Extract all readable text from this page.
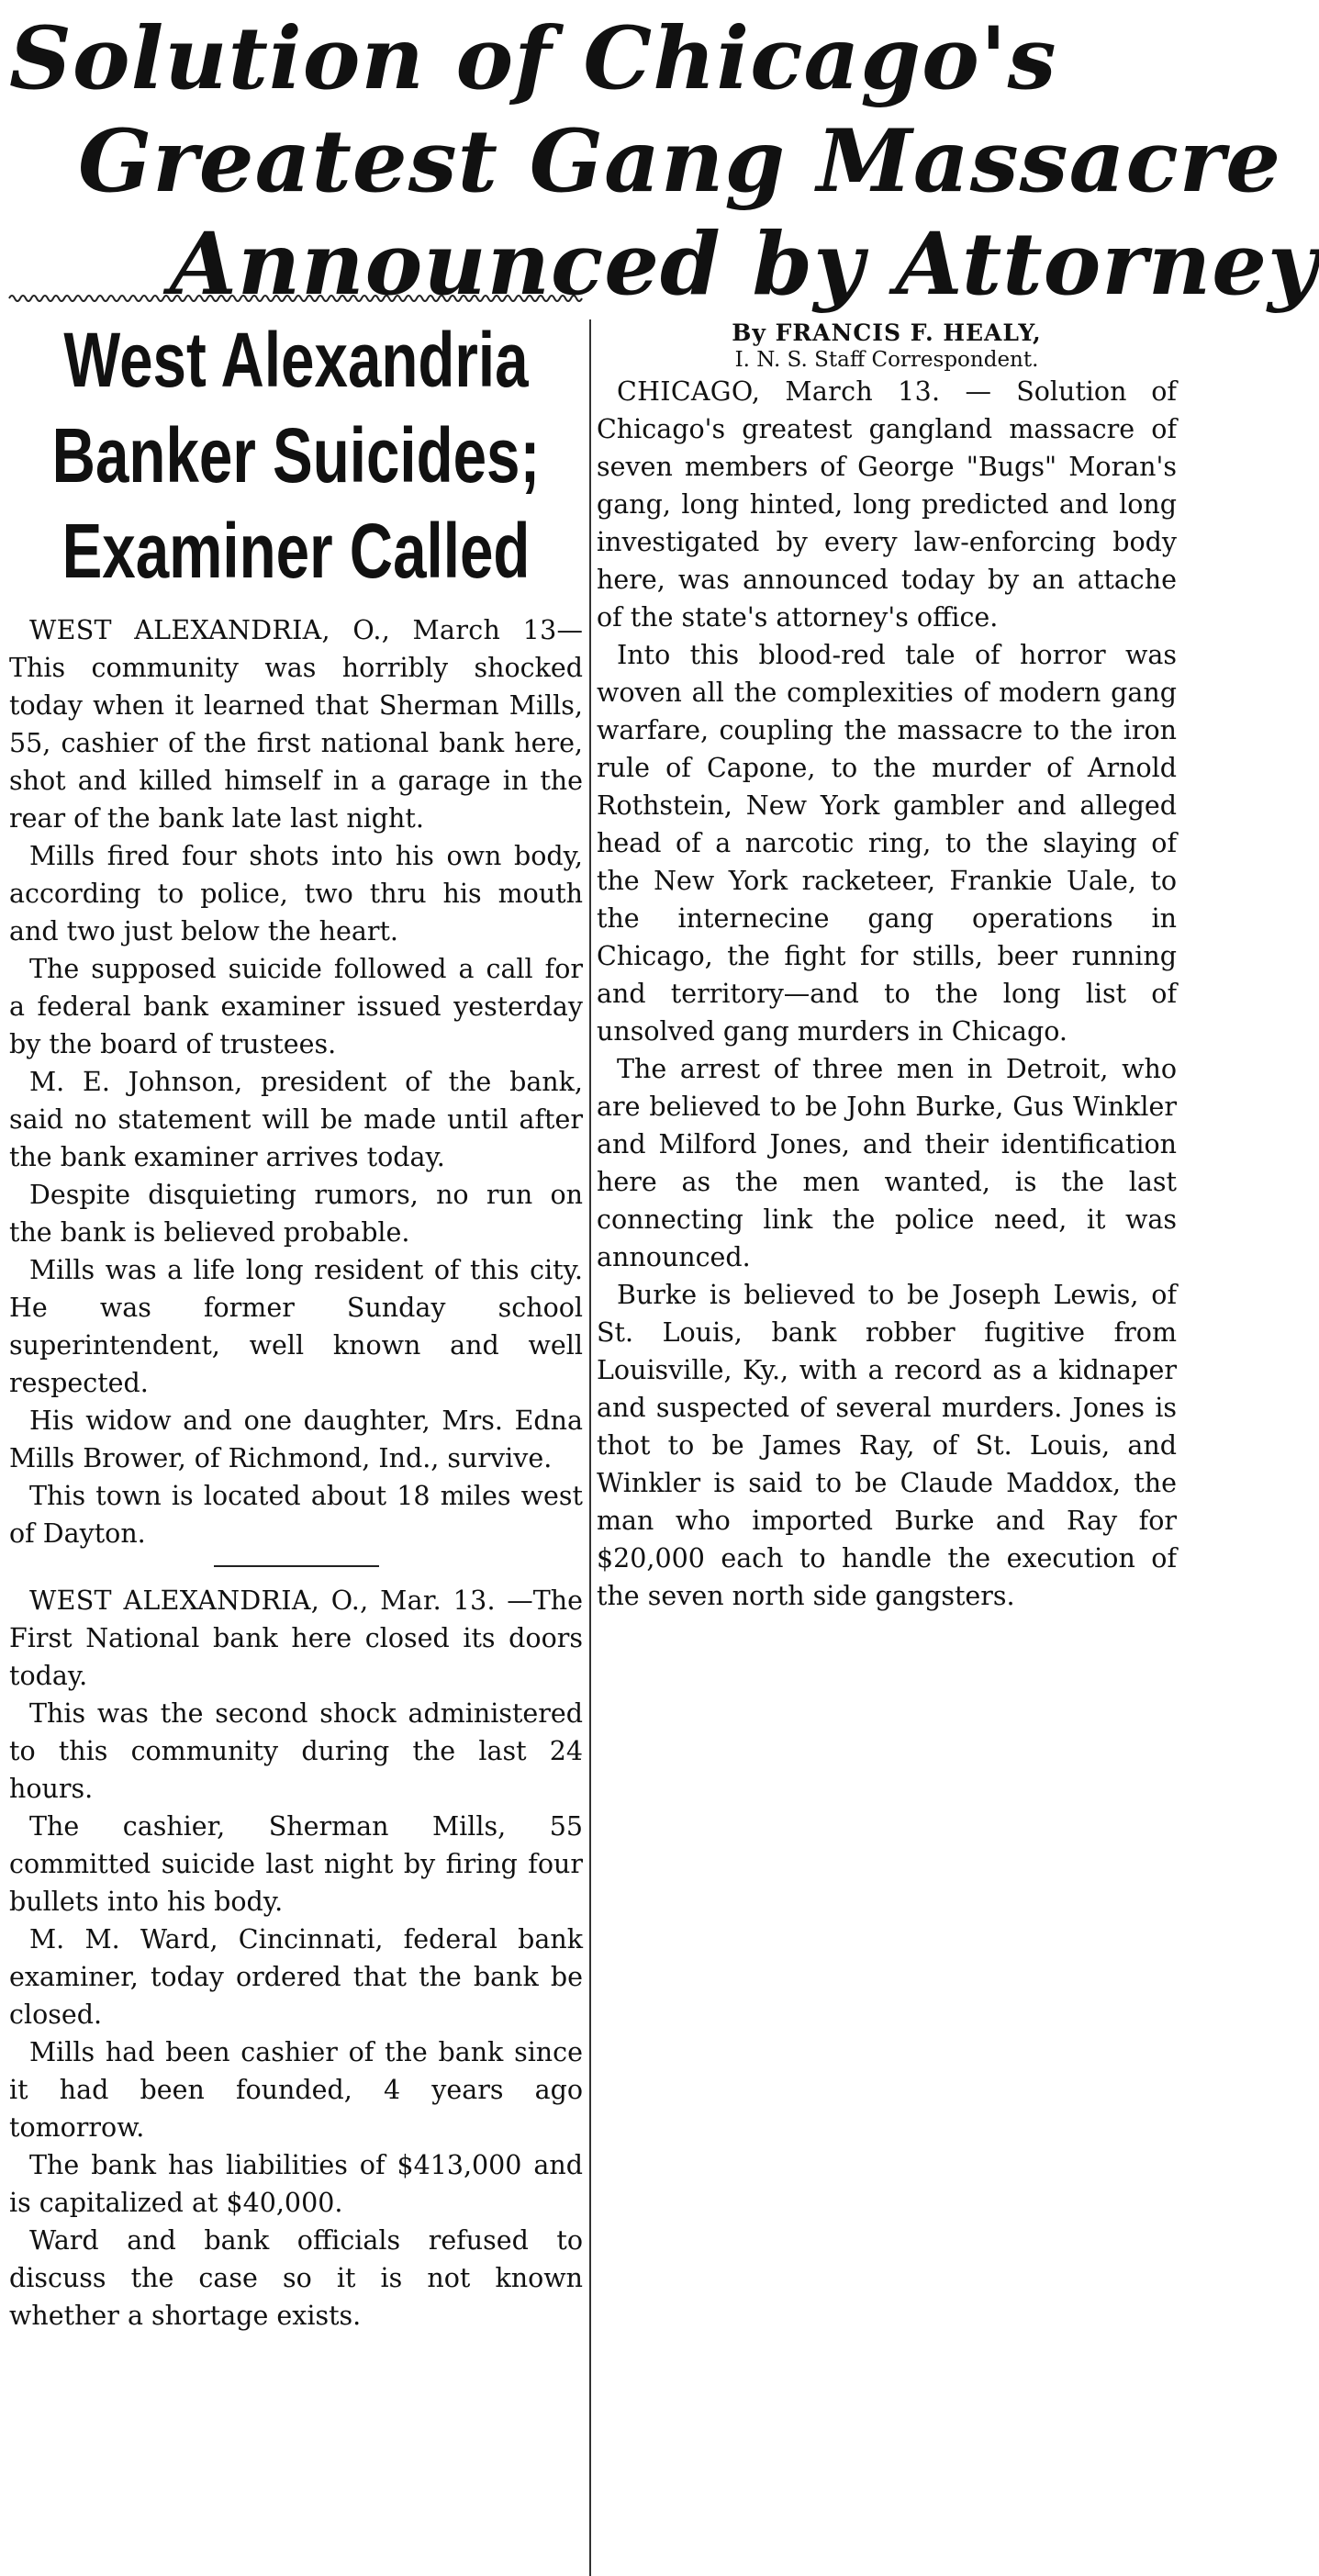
Solution of Chicago's
Greatest Gang Massacre
Announced by Attorney
West Alexandria
Banker Suicides;
Examiner Called

WEST ALEXANDRIA, O., March 13—This community was horribly shocked today when it learned that Sherman Mills, 55, cashier of the first national bank here, shot and killed himself in a garage in the rear of the bank late last night.

Mills fired four shots into his own body, according to police, two thru his mouth and two just below the heart.

The supposed suicide followed a call for a federal bank examiner issued yesterday by the board of trustees.

M. E. Johnson, president of the bank, said no statement will be made until after the bank examiner arrives today.

Despite disquieting rumors, no run on the bank is believed probable.

Mills was a life long resident of this city. He was former Sunday school superintendent, well known and well respected.

His widow and one daughter, Mrs. Edna Mills Brower, of Richmond, Ind., survive.

This town is located about 18 miles west of Dayton.

WEST ALEXANDRIA, O., Mar. 13. —The First National bank here closed its doors today.

This was the second shock administered to this community during the last 24 hours.

The cashier, Sherman Mills, 55 committed suicide last night by firing four bullets into his body.

M. M. Ward, Cincinnati, federal bank examiner, today ordered that the bank be closed.

Mills had been cashier of the bank since it had been founded, 4 years ago tomorrow.

The bank has liabilities of $413,000 and is capitalized at $40,000.

Ward and bank officials refused to discuss the case so it is not known whether a shortage exists.

By FRANCIS F. HEALY,
I. N. S. Staff Correspondent.

CHICAGO, March 13. — Solution of Chicago's greatest gangland massacre of seven members of George "Bugs" Moran's gang, long hinted, long predicted and long investigated by every law-enforcing body here, was announced today by an attache of the state's attorney's office.

Into this blood-red tale of horror was woven all the complexities of modern gang warfare, coupling the massacre to the iron rule of Capone, to the murder of Arnold Rothstein, New York gambler and alleged head of a narcotic ring, to the slaying of the New York racketeer, Frankie Uale, to the internecine gang operations in Chicago, the fight for stills, beer running and territory—and to the long list of unsolved gang murders in Chicago.

The arrest of three men in Detroit, who are believed to be John Burke, Gus Winkler and Milford Jones, and their identification here as the men wanted, is the last connecting link the police need, it was announced.

Burke is believed to be Joseph Lewis, of St. Louis, bank robber fugitive from Louisville, Ky., with a record as a kidnaper and suspected of several murders. Jones is thot to be James Ray, of St. Louis, and Winkler is said to be Claude Maddox, the man who imported Burke and Ray for $20,000 each to handle the execution of the seven north side gangsters.
